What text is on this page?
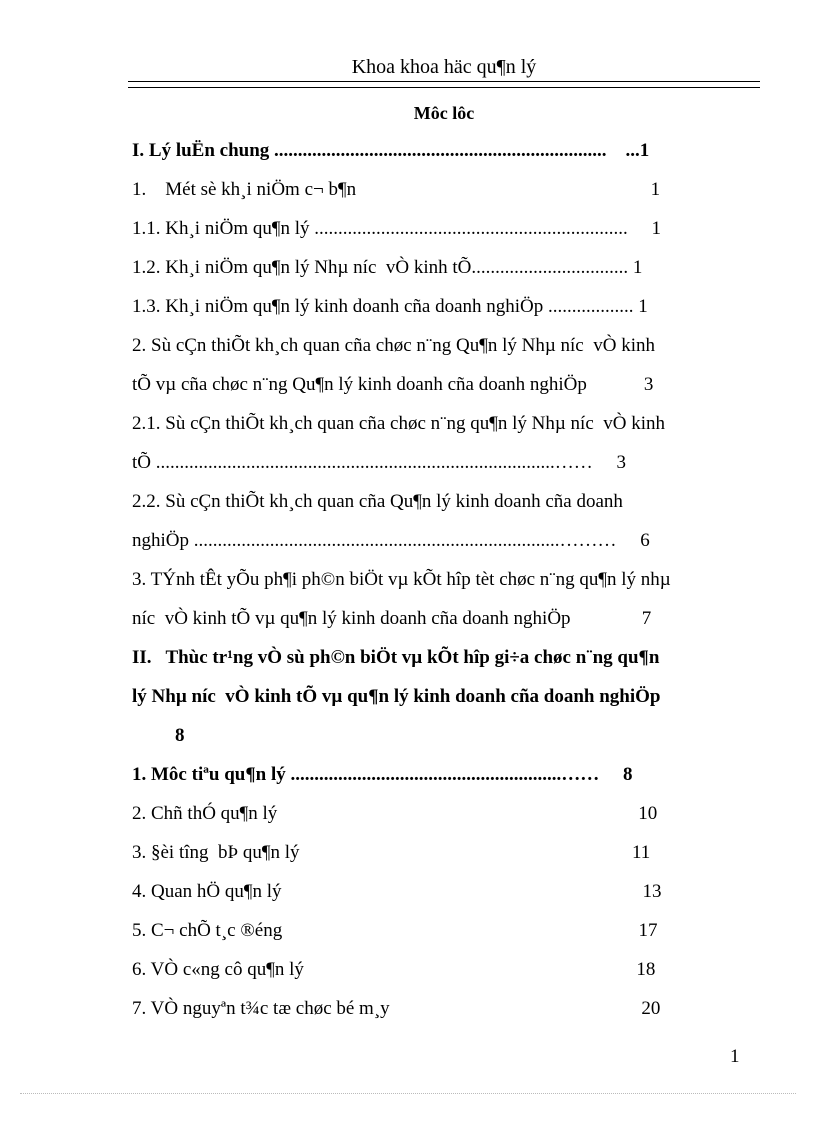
Khoa khoa häc qu¶n lý
Môc lôc
I. Lý luËn chung ......................................................................    ...1
1.    Mét sè kh¸i niÖm c¬ b¶n                                                              1
1.1. Kh¸i niÖm qu¶n lý ..................................................................     1
1.2. Kh¸i niÖm qu¶n lý Nhµ níc  vÒ kinh tÕ................................. 1
1.3. Kh¸i niÖm qu¶n lý kinh doanh cña doanh nghiÖp .................. 1
2. Sù cÇn thiÕt kh¸ch quan cña chøc n¨ng Qu¶n lý Nhµ níc  vÒ kinh
tÕ vµ cña chøc n¨ng Qu¶n lý kinh doanh cña doanh nghiÖp            3
2.1. Sù cÇn thiÕt kh¸ch quan cña chøc n¨ng qu¶n lý Nhµ níc  vÒ kinh
tÕ ....................................................................................……     3
2.2. Sù cÇn thiÕt kh¸ch quan cña Qu¶n lý kinh doanh cña doanh
nghiÖp .............................................................................………     6
3. TÝnh tÊt yÕu ph¶i ph©n biÖt vµ kÕt hîp tèt chøc n¨ng qu¶n lý nhµ
níc  vÒ kinh tÕ vµ qu¶n lý kinh doanh cña doanh nghiÖp               7
II.   Thùc tr¹ng vÒ sù ph©n biÖt vµ kÕt hîp gi÷a chøc n¨ng qu¶n
lý Nhµ níc  vÒ kinh tÕ vµ qu¶n lý kinh doanh cña doanh nghiÖp
8
1. Môc tiªu qu¶n lý .........................................................……     8
2. Chñ thÓ qu¶n lý                                                                            10
3. §èi tîng  bÞ qu¶n lý                                                                      11
4. Quan hÖ qu¶n lý                                                                            13
5. C¬ chÕ t¸c ®éng                                                                           17
6. VÒ c«ng cô qu¶n lý                                                                      18
7. VÒ nguyªn t¾c tæ chøc bé m¸y                                                     20
1
